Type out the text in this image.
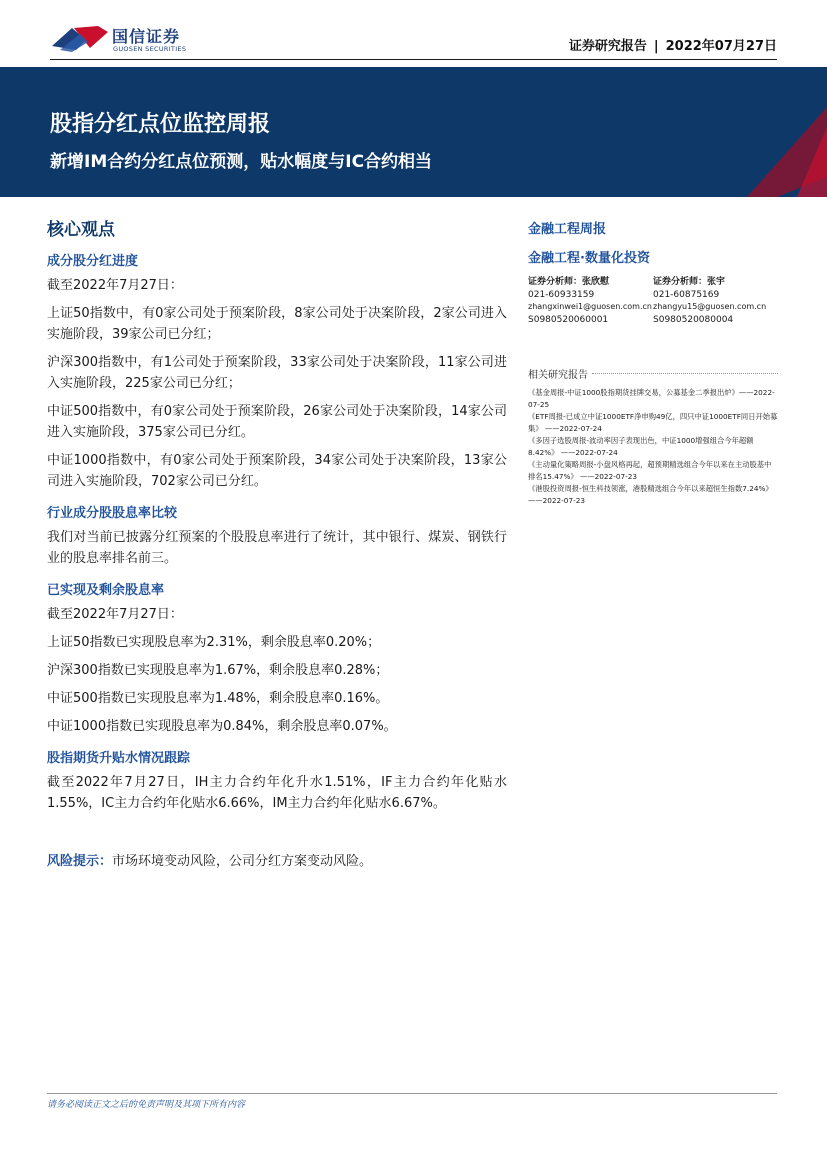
国信证券
GUOSEN SECURITIES	证券研究报告 | 2022年07月27日
股指分红点位监控周报
新增IM合约分红点位预测，贴水幅度与IC合约相当
核心观点
成分股分红进度

截至2022年7月27日：

上证50指数中，有0家公司处于预案阶段，8家公司处于决案阶段，2家公司进入实施阶段，39家公司已分红；

沪深300指数中，有1公司处于预案阶段，33家公司处于决案阶段，11家公司进入实施阶段，225家公司已分红；

中证500指数中，有0家公司处于预案阶段，26家公司处于决案阶段，14家公司进入实施阶段，375家公司已分红。

中证1000指数中，有0家公司处于预案阶段，34家公司处于决案阶段，13家公司进入实施阶段，702家公司已分红。

行业成分股股息率比较

我们对当前已披露分红预案的个股股息率进行了统计，其中银行、煤炭、钢铁行业的股息率排名前三。

已实现及剩余股息率

截至2022年7月27日：

上证50指数已实现股息率为2.31%，剩余股息率0.20%；

沪深300指数已实现股息率为1.67%，剩余股息率0.28%；

中证500指数已实现股息率为1.48%，剩余股息率0.16%。

中证1000指数已实现股息率为0.84%，剩余股息率0.07%。

股指期货升贴水情况跟踪

截至2022年7月27日，IH主力合约年化升水1.51%，IF主力合约年化贴水1.55%，IC主力合约年化贴水6.66%，IM主力合约年化贴水6.67%。

风险提示：市场环境变动风险，公司分红方案变动风险。
金融工程周报
金融工程·数量化投资
证券分析师：张欣慰
021-60933159
zhangxinwei1@guosen.com.cn
S0980520060001
证券分析师：张宇
021-60875169
zhangyu15@guosen.com.cn
S0980520080004
相关研究报告
《基金周报-中证1000股指期货挂牌交易，公募基金二季报出炉》——2022-07-25
《ETF周报-已成立中证1000ETF净申购49亿，四只中证1000ETF同日开始募集》 ——2022-07-24
《多因子选股周报-波动率因子表现出色，中证1000增强组合今年超额8.42%》 ——2022-07-24
《主动量化策略周报-小盘风格再起，超预期精选组合今年以来在主动股基中排名15.47%》 ——2022-07-23
《港股投资周报-恒生科技领涨，港股精选组合今年以来超恒生指数7.24%》 ——2022-07-23
请务必阅读正文之后的免责声明及其项下所有内容
